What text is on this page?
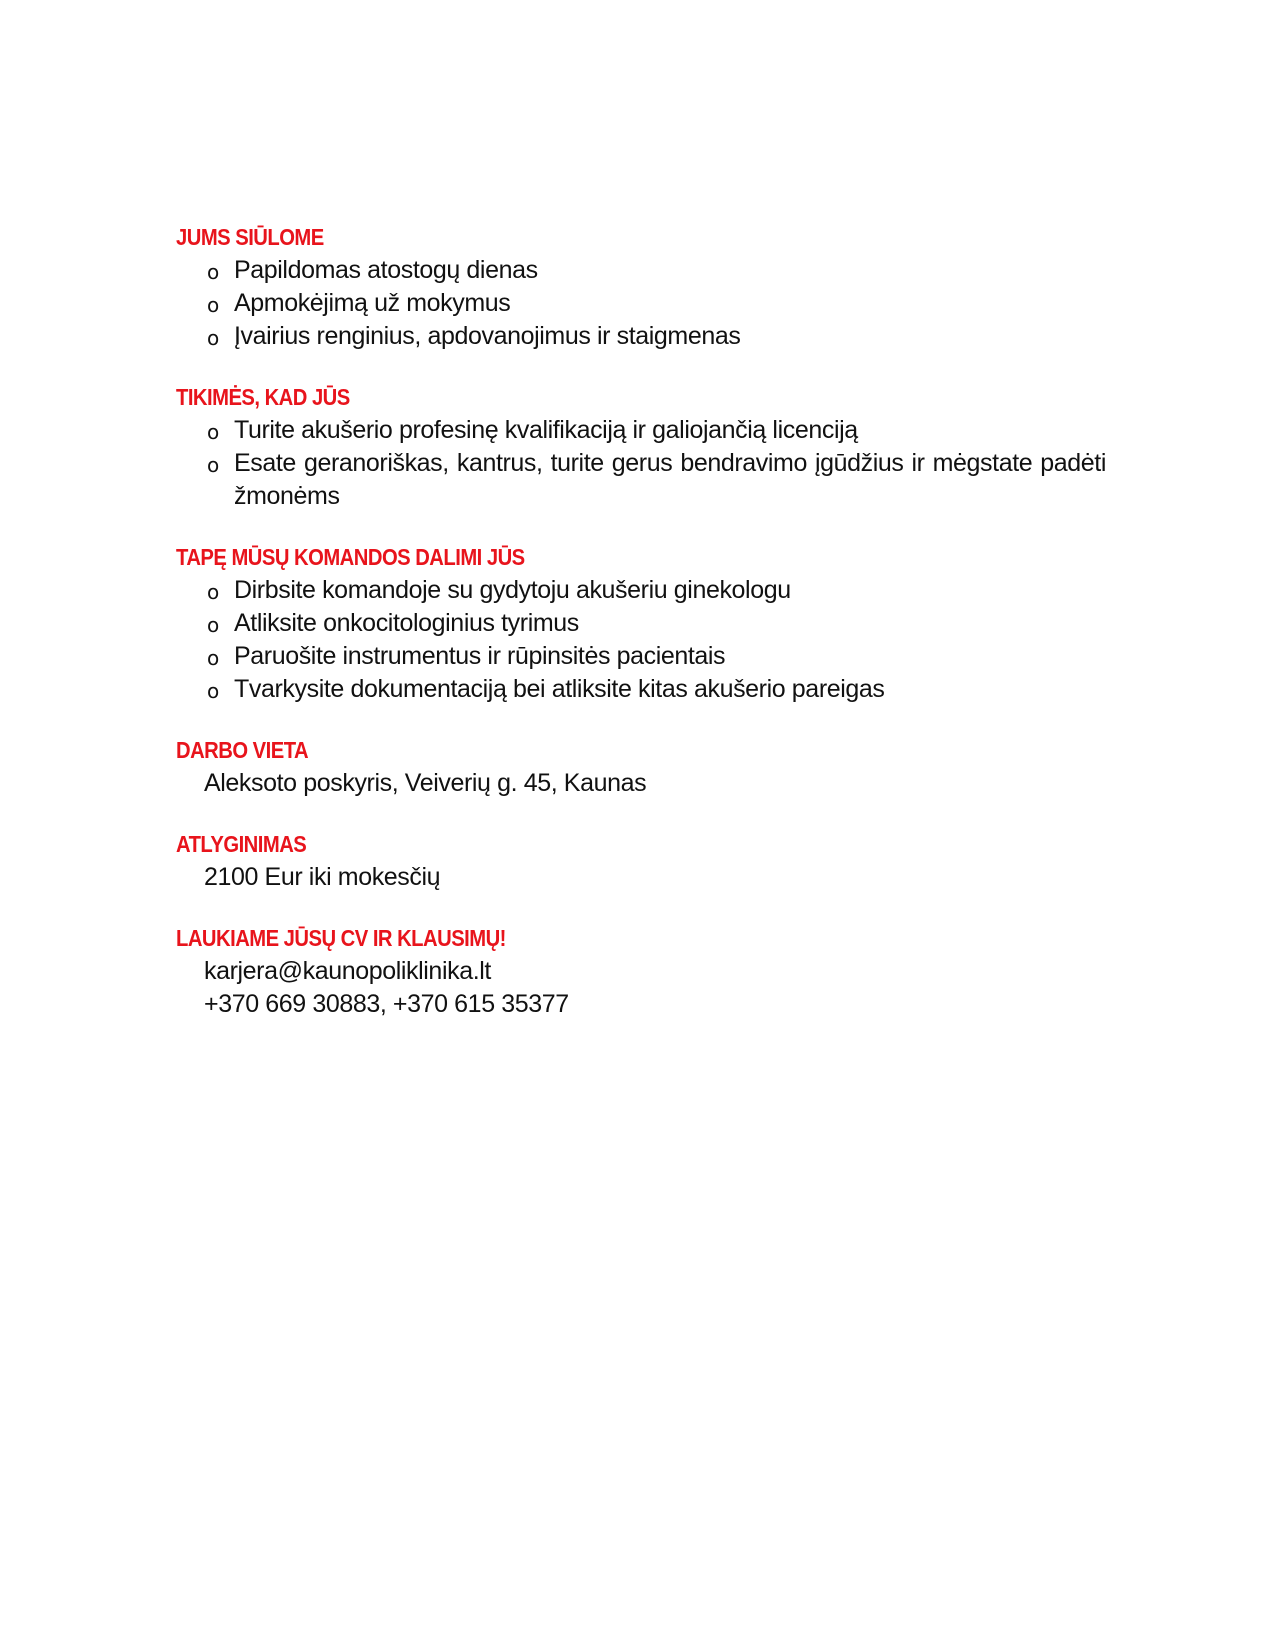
JUMS SIŪLOME
o Papildomas atostogų dienas
o Apmokėjimą už mokymus
o Įvairius renginius, apdovanojimus ir staigmenas
TIKIMĖS, KAD JŪS
o Turite akušerio profesinę kvalifikaciją ir galiojančią licenciją
o Esate geranoriškas, kantrus, turite gerus bendravimo įgūdžius ir mėgstate padėti žmonėms
TAPĘ MŪSŲ KOMANDOS DALIMI JŪS
o Dirbsite komandoje su gydytoju akušeriu ginekologu
o Atliksite onkocitologinius tyrimus
o Paruošite instrumentus ir rūpinsitės pacientais
o Tvarkysite dokumentaciją bei atliksite kitas akušerio pareigas
DARBO VIETA
Aleksoto poskyris, Veiverių g. 45, Kaunas
ATLYGINIMAS
2100 Eur iki mokesčių
LAUKIAME JŪSŲ CV IR KLAUSIMŲ!
karjera@kaunopoliklinika.lt
+370 669 30883, +370 615 35377
